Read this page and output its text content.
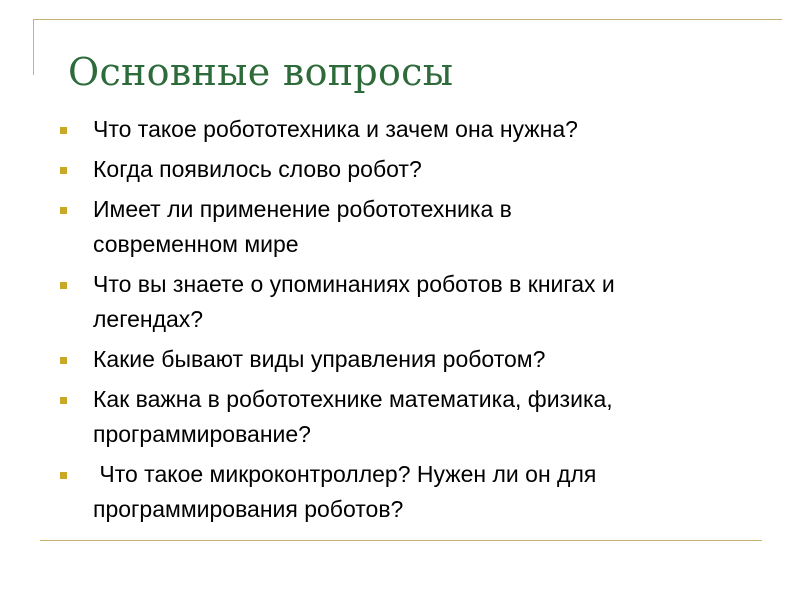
Основные вопросы
Что такое робототехника и зачем она нужна?
Когда появилось слово робот?
Имеет ли применение робототехника в
современном мире
Что вы знаете о упоминаниях роботов в книгах и
легендах?
Какие бывают виды управления роботом?
Как важна в робототехнике математика, физика,
программирование?
Что такое микроконтроллер? Нужен ли он для
программирования роботов?
